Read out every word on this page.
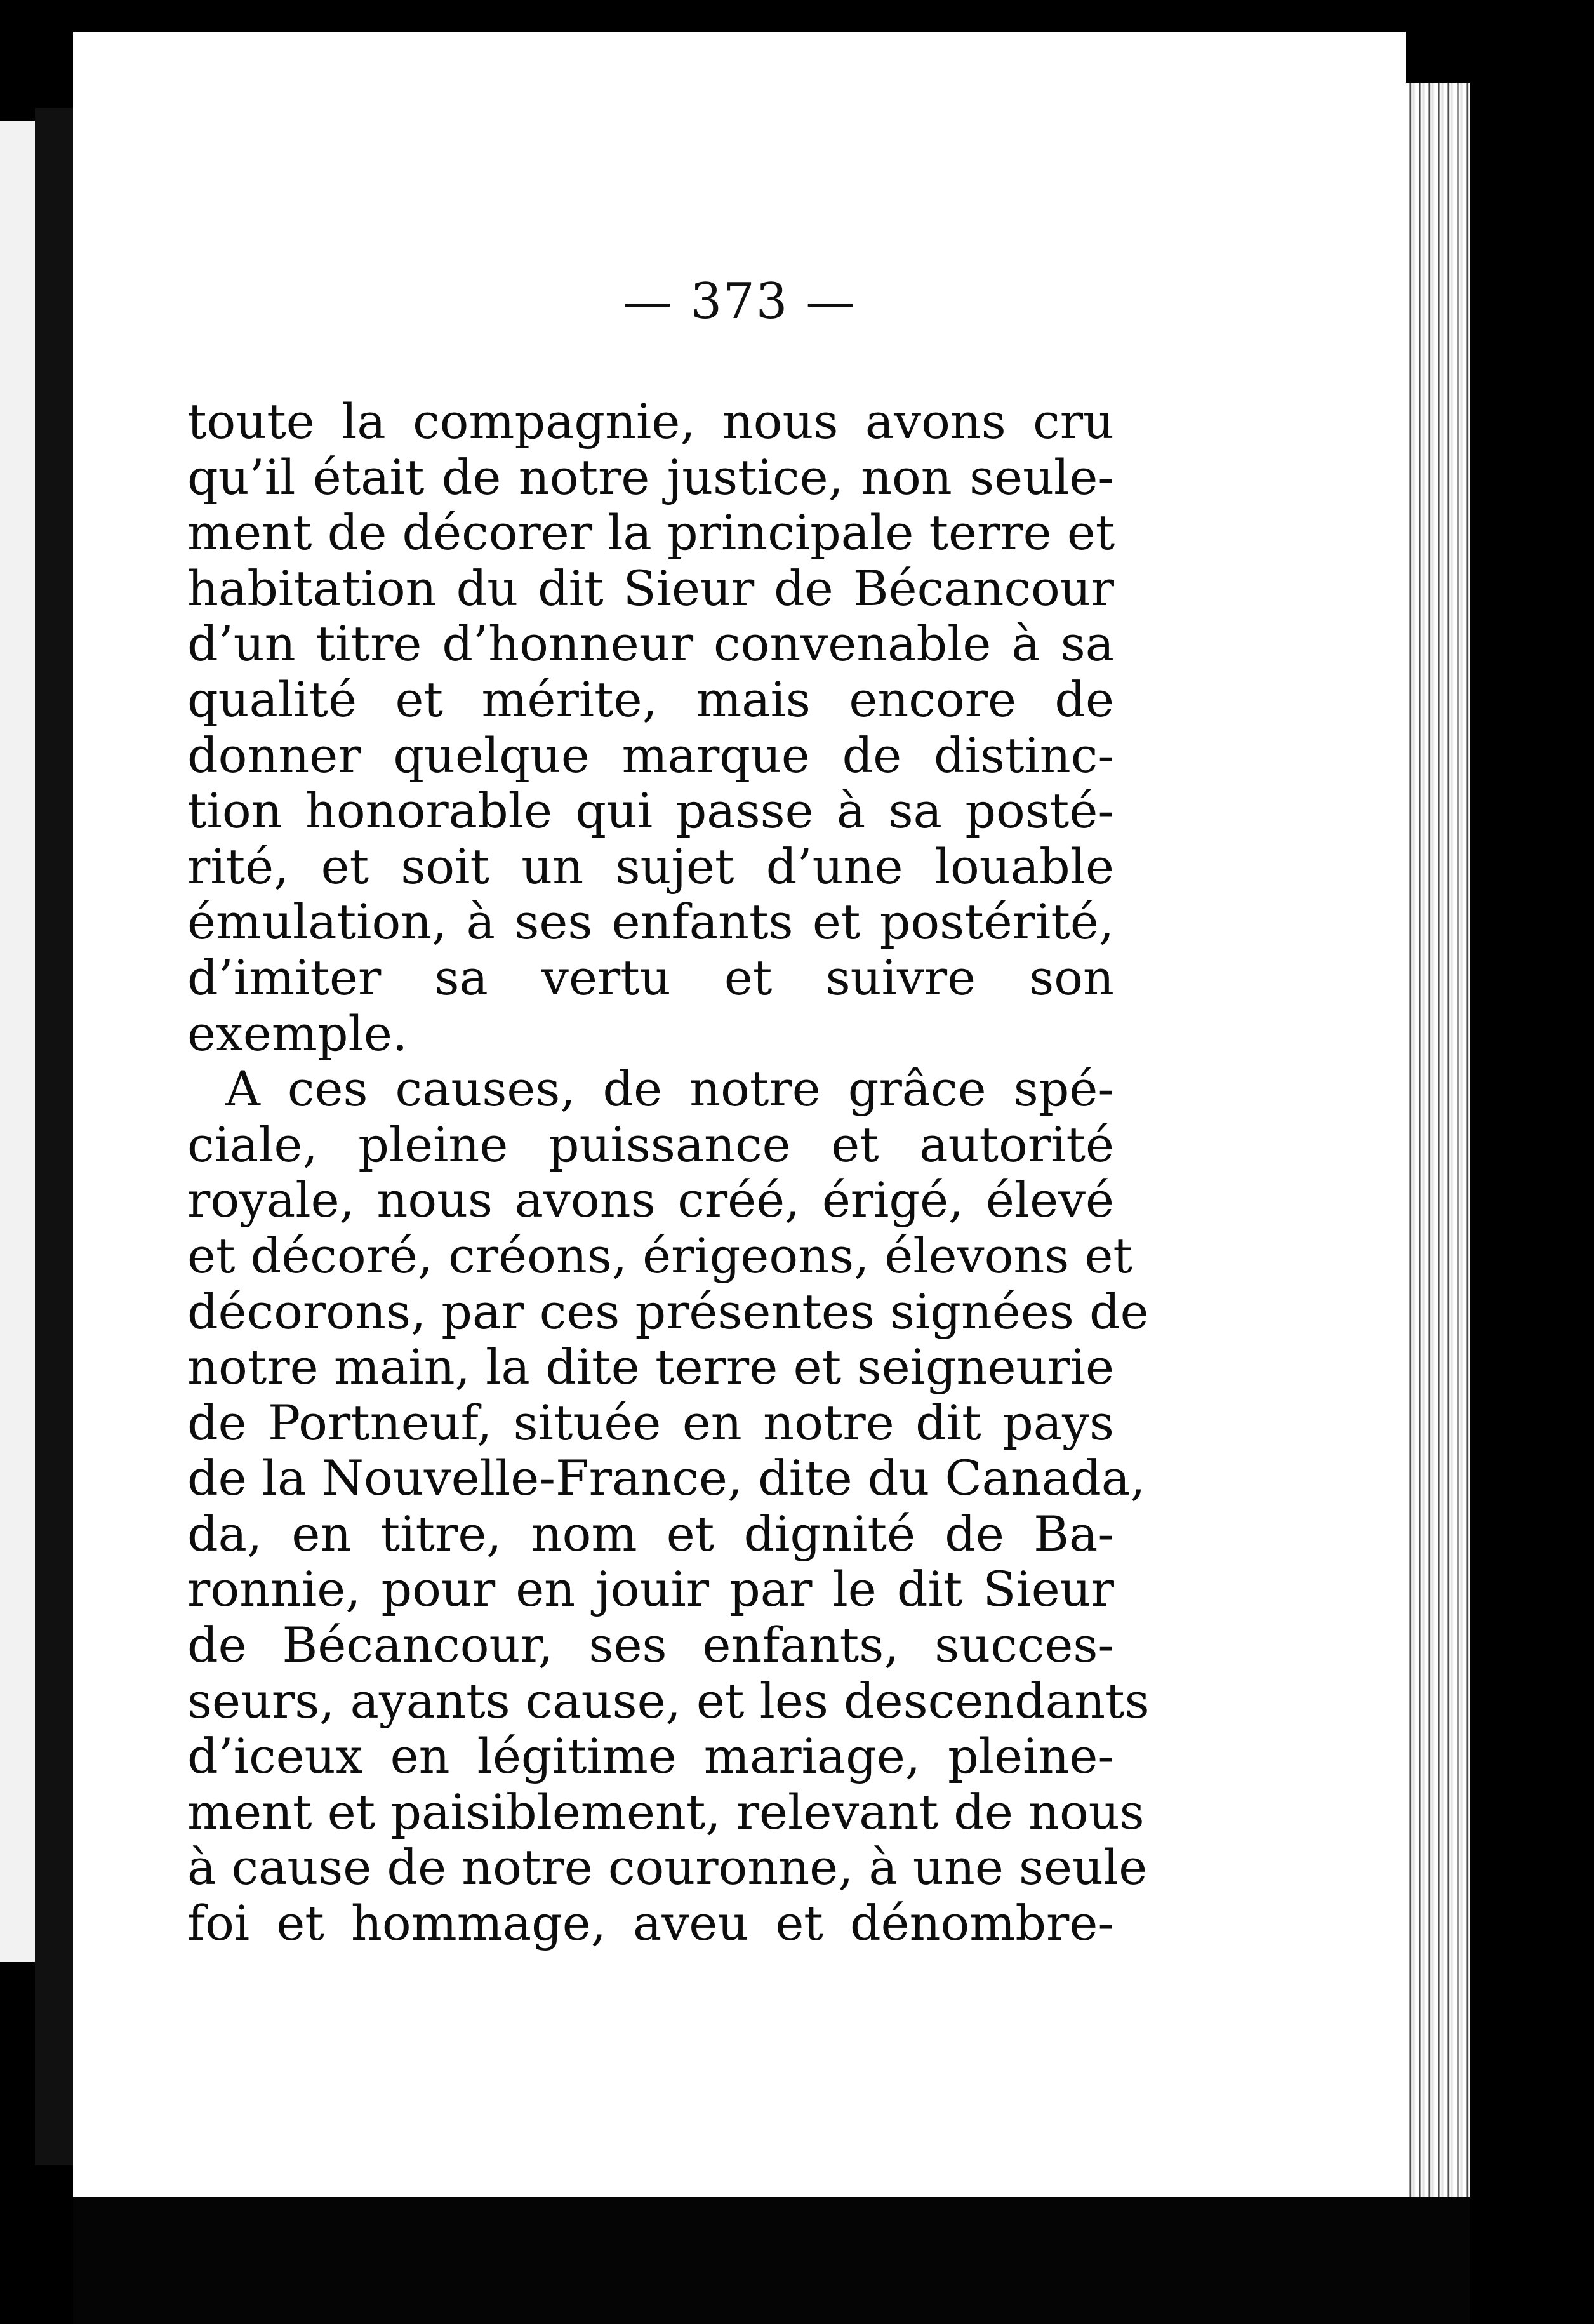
— 373 —
toute la compagnie, nous avons cru
qu’il était de notre justice, non seule-
ment de décorer la principale terre et
habitation du dit Sieur de Bécancour
d’un titre d’honneur convenable à sa
qualité et mérite, mais encore de
donner quelque marque de distinc-
tion honorable qui passe à sa posté-
rité, et soit un sujet d’une louable
émulation, à ses enfants et postérité,
d’imiter sa vertu et suivre son
exemple.
A ces causes, de notre grâce spé-
ciale, pleine puissance et autorité
royale, nous avons créé, érigé, élevé
et décoré, créons, érigeons, élevons et
décorons, par ces présentes signées de
notre main, la dite terre et seigneurie
de Portneuf, située en notre dit pays
de la Nouvelle-France, dite du Canada,
da, en titre, nom et dignité de Ba-
ronnie, pour en jouir par le dit Sieur
de Bécancour, ses enfants, succes-
seurs, ayants cause, et les descendants
d’iceux en légitime mariage, pleine-
ment et paisiblement, relevant de nous
à cause de notre couronne, à une seule
foi et hommage, aveu et dénombre-
